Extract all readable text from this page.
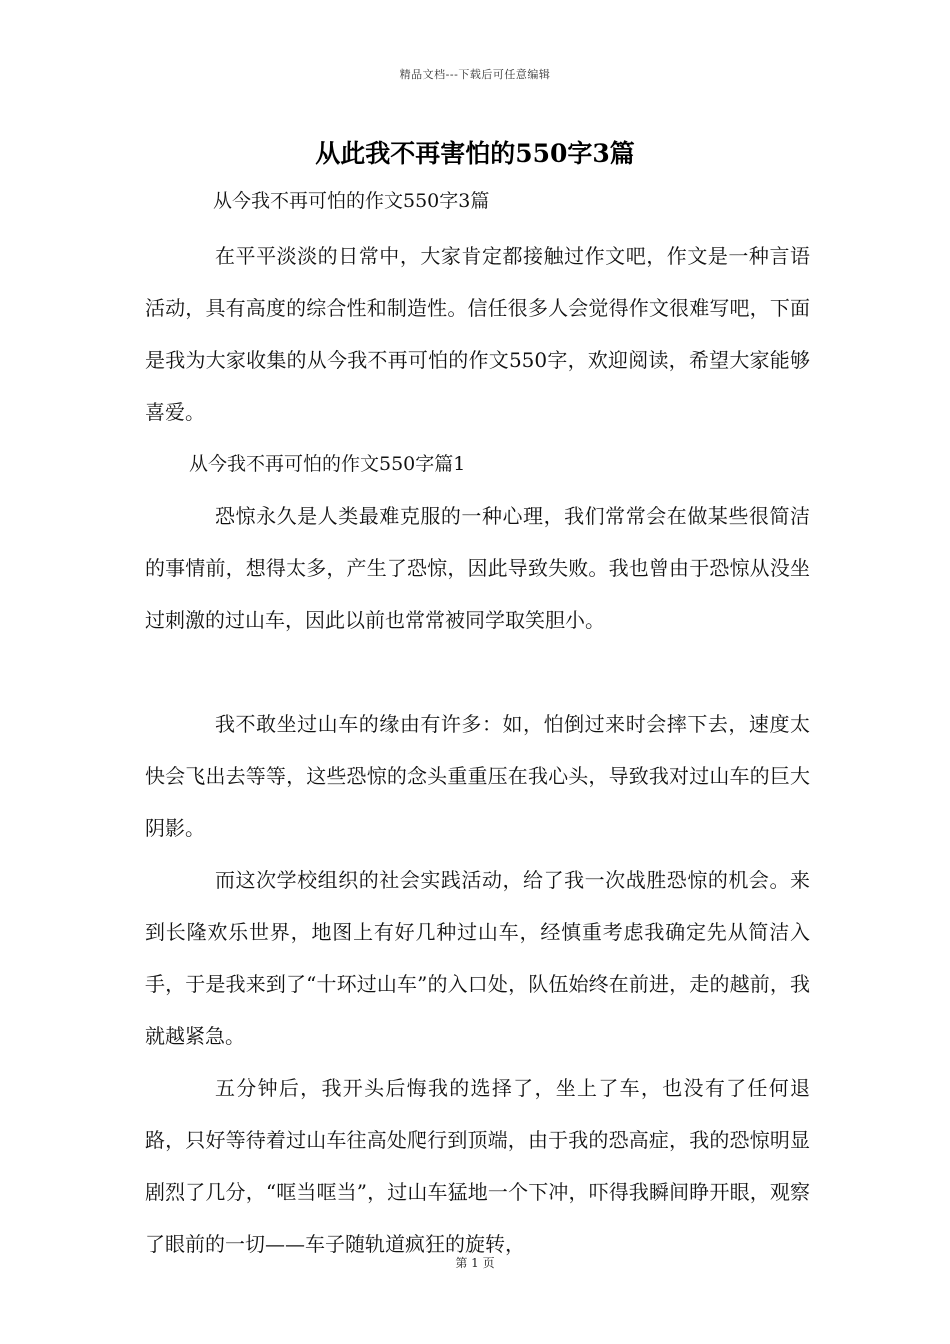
精品文档---下载后可任意编辑
从此我不再害怕的550字3篇

从今我不再可怕的作文550字3篇

在平平淡淡的日常中，大家肯定都接触过作文吧，作文是一种言语活动，具有高度的综合性和制造性。信任很多人会觉得作文很难写吧，下面是我为大家收集的从今我不再可怕的作文550字，欢迎阅读，希望大家能够喜爱。

从今我不再可怕的作文550字篇1

恐惊永久是人类最难克服的一种心理，我们常常会在做某些很简洁的事情前，想得太多，产生了恐惊，因此导致失败。我也曾由于恐惊从没坐过刺激的过山车，因此以前也常常被同学取笑胆小。

我不敢坐过山车的缘由有许多：如，怕倒过来时会摔下去，速度太快会飞出去等等，这些恐惊的念头重重压在我心头，导致我对过山车的巨大阴影。

而这次学校组织的社会实践活动，给了我一次战胜恐惊的机会。来到长隆欢乐世界，地图上有好几种过山车，经慎重考虑我确定先从简洁入手，于是我来到了“十环过山车”的入口处，队伍始终在前进，走的越前，我就越紧急。

五分钟后，我开头后悔我的选择了，坐上了车，也没有了任何退路，只好等待着过山车往高处爬行到顶端，由于我的恐高症，我的恐惊明显剧烈了几分，“哐当哐当”，过山车猛地一个下冲，吓得我瞬间睁开眼，观察了眼前的一切——车子随轨道疯狂的旋转，

第 1 页
